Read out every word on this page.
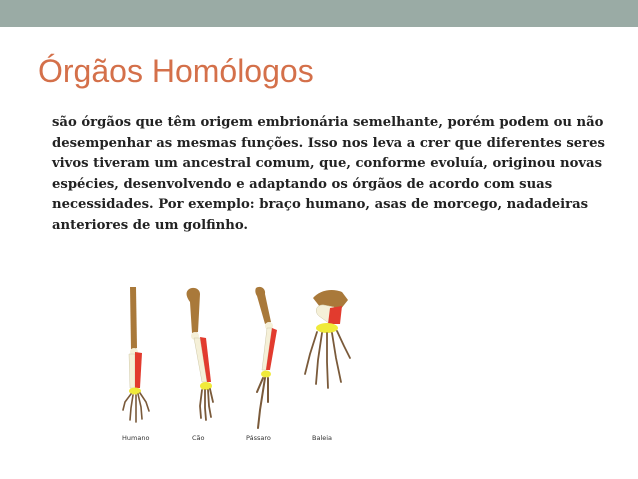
Órgãos Homólogos

são órgãos que têm origem embrionária semelhante, porém podem ou não desempenhar as mesmas funções. Isso nos leva a crer que diferentes seres vivos tiveram um ancestral comum, que, conforme evoluía, originou novas espécies, desenvolvendo e adaptando os órgãos de acordo com suas necessidades. Por exemplo: braço humano, asas de morcego, nadadeiras anteriores de um golfinho.

Humano	Cão	Pássaro	Baleia
